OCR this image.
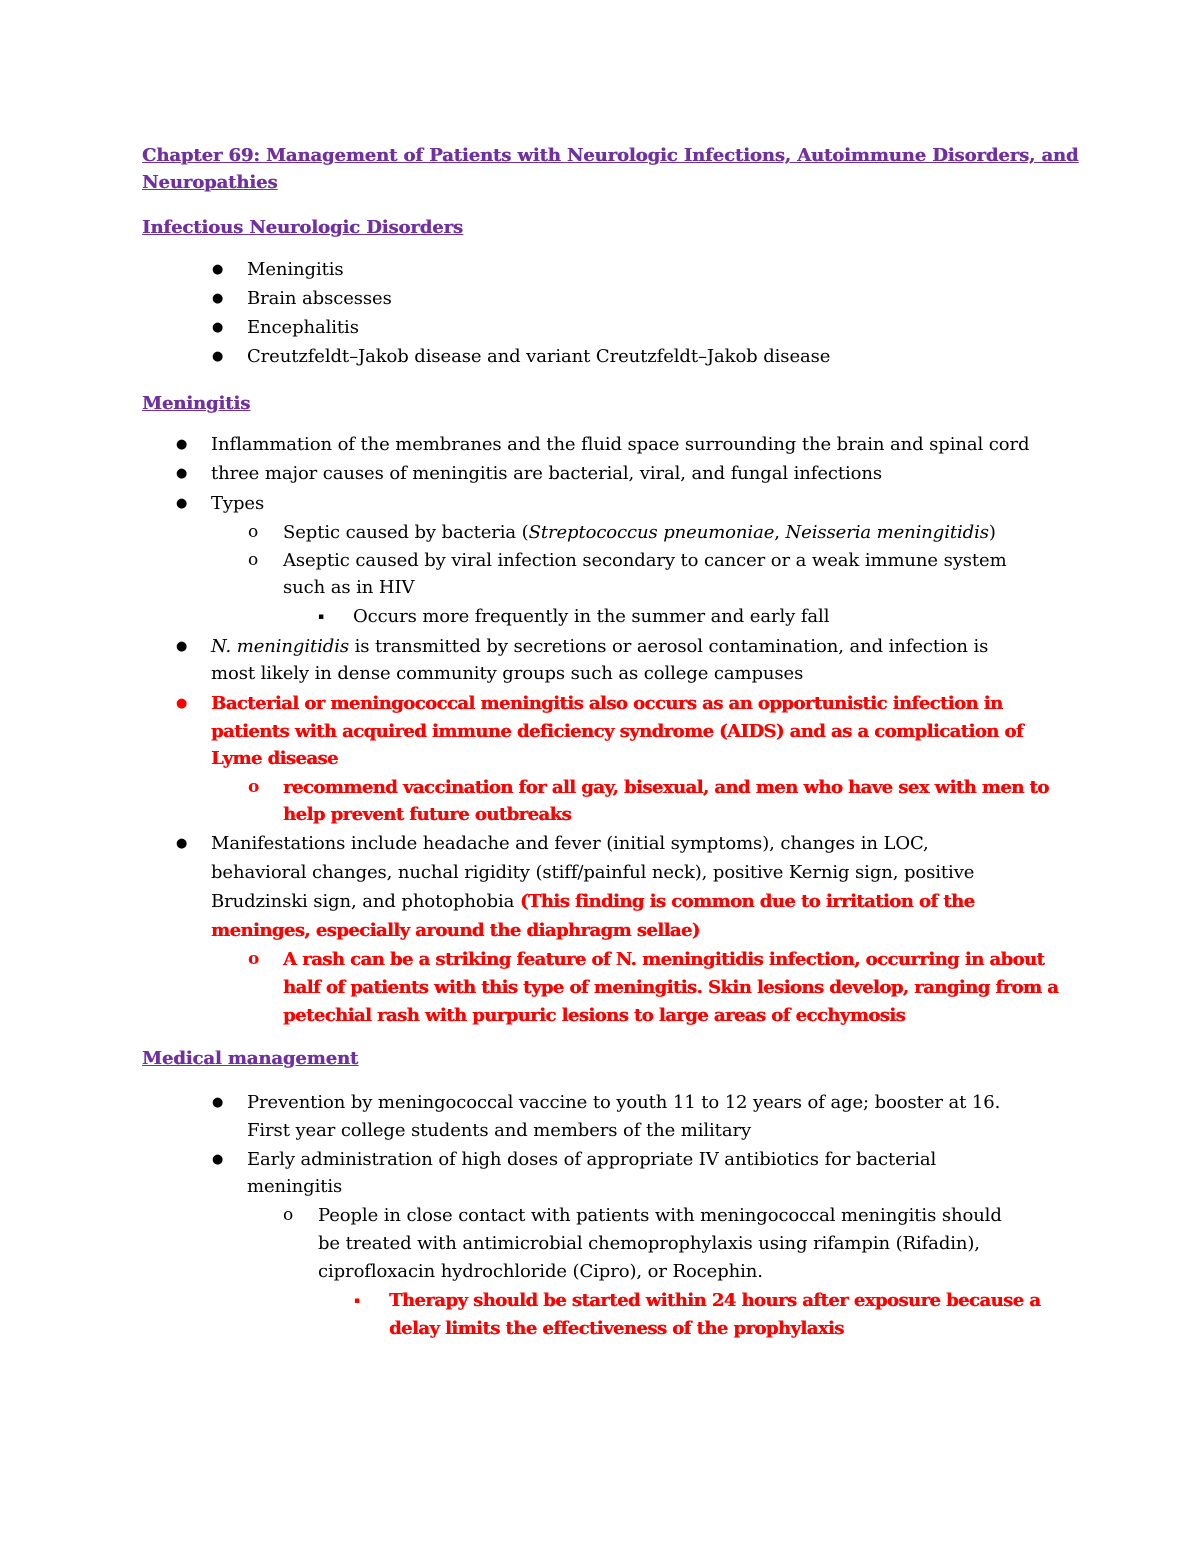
Chapter 69: Management of Patients with Neurologic Infections, Autoimmune Disorders, and
Neuropathies
Infectious Neurologic Disorders
●
Meningitis
●
Brain abscesses
●
Encephalitis
●
Creutzfeldt–Jakob disease and variant Creutzfeldt–Jakob disease
Meningitis
●
Inflammation of the membranes and the fluid space surrounding the brain and spinal cord
●
three major causes of meningitis are bacterial, viral, and fungal infections
●
Types
o Septic caused by bacteria (Streptococcus pneumoniae, Neisseria meningitidis)
o Aseptic caused by viral infection secondary to cancer or a weak immune system
such as in HIV
▪ Occurs more frequently in the summer and early fall
●
N. meningitidis is transmitted by secretions or aerosol contamination, and infection is
most likely in dense community groups such as college campuses
●
Bacterial or meningococcal meningitis also occurs as an opportunistic infection in
patients with acquired immune deficiency syndrome (AIDS) and as a complication of
Lyme disease
o recommend vaccination for all gay, bisexual, and men who have sex with men to
help prevent future outbreaks
●
Manifestations include headache and fever (initial symptoms), changes in LOC,
behavioral changes, nuchal rigidity (stiff/painful neck), positive Kernig sign, positive
Brudzinski sign, and photophobia (This finding is common due to irritation of the
meninges, especially around the diaphragm sellae)
o A rash can be a striking feature of N. meningitidis infection, occurring in about
half of patients with this type of meningitis. Skin lesions develop, ranging from a
petechial rash with purpuric lesions to large areas of ecchymosis
Medical management
●
Prevention by meningococcal vaccine to youth 11 to 12 years of age; booster at 16.
First year college students and members of the military
●
Early administration of high doses of appropriate IV antibiotics for bacterial
meningitis
o People in close contact with patients with meningococcal meningitis should
be treated with antimicrobial chemoprophylaxis using rifampin (Rifadin),
ciprofloxacin hydrochloride (Cipro), or Rocephin.
▪ Therapy should be started within 24 hours after exposure because a
delay limits the effectiveness of the prophylaxis
